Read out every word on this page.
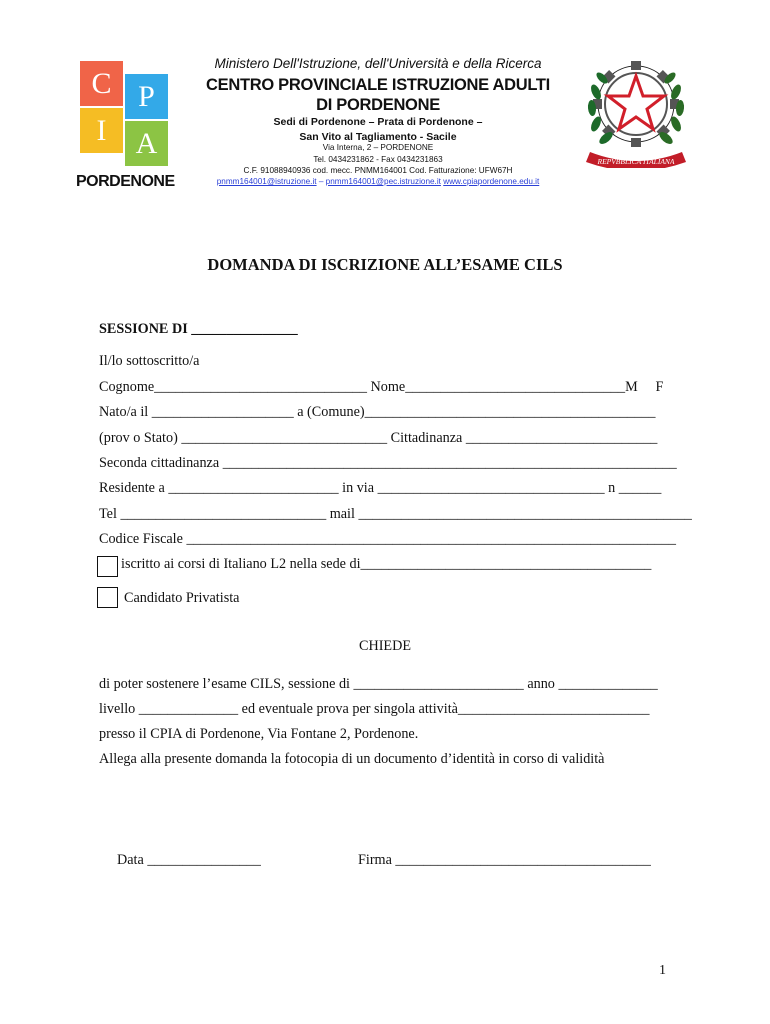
C P
I A
PORDENONE
Ministero Dell'Istruzione, dell'Università e della Ricerca
CENTRO PROVINCIALE ISTRUZIONE ADULTI
DI PORDENONE
Sedi di Pordenone – Prata di Pordenone –
San Vito al Tagliamento - Sacile
Via Interna, 2 – PORDENONE
Tel. 0434231862 - Fax 0434231863
C.F. 91088940936 cod. mecc. PNMM164001 Cod. Fatturazione: UFW67H
pnmm164001@istruzione.it – pnmm164001@pec.istruzione.it www.cpiapordenone.edu.it
REPVBBLICA ITALIANA
DOMANDA DI ISCRIZIONE ALL’ESAME CILS
SESSIONE DI _______________
Il/lo sottoscritto/a
Cognome______________________________ Nome_______________________________M     F
Nato/a il ____________________ a (Comune)_________________________________________
(prov o Stato) _____________________________ Cittadinanza ___________________________
Seconda cittadinanza ________________________________________________________________
Residente a ________________________ in via ________________________________ n ______
Tel _____________________________ mail _______________________________________________
Codice Fiscale _____________________________________________________________________
iscritto ai corsi di Italiano L2 nella sede di_________________________________________
Candidato Privatista
CHIEDE
di poter sostenere l’esame CILS, sessione di ________________________ anno ______________
livello ______________ ed eventuale prova per singola attività___________________________
presso il CPIA di Pordenone, Via Fontane 2, Pordenone.
Allega alla presente domanda la fotocopia di un documento d’identità in corso di validità
Data ________________	Firma ____________________________________
1
